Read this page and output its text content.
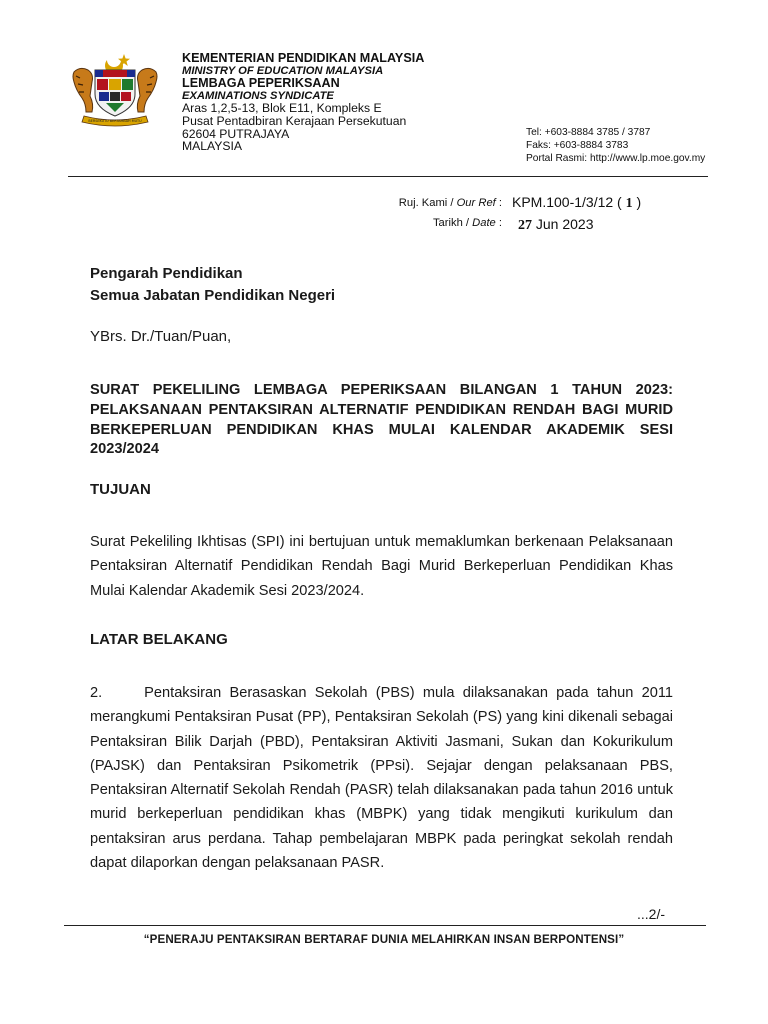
BERSEKUTU BERTAMBAH MUTU
KEMENTERIAN PENDIDIKAN MALAYSIA
MINISTRY OF EDUCATION MALAYSIA
LEMBAGA PEPERIKSAAN
EXAMINATIONS SYNDICATE
Aras 1,2,5-13, Blok E11, Kompleks E
Pusat Pentadbiran Kerajaan Persekutuan
62604 PUTRAJAYA
MALAYSIA
Tel: +603-8884 3785 / 3787
Faks: +603-8884 3783
Portal Rasmi: http://www.lp.moe.gov.my
Ruj. Kami / Our Ref : KPM.100-1/3/12 ( 1 )
Tarikh / Date : 27 Jun 2023
Pengarah Pendidikan
Semua Jabatan Pendidikan Negeri
YBrs. Dr./Tuan/Puan,
SURAT PEKELILING LEMBAGA PEPERIKSAAN BILANGAN 1 TAHUN 2023: PELAKSANAAN PENTAKSIRAN ALTERNATIF PENDIDIKAN RENDAH BAGI MURID BERKEPERLUAN PENDIDIKAN KHAS MULAI KALENDAR AKADEMIK SESI 2023/2024
TUJUAN
Surat Pekeliling Ikhtisas (SPI) ini bertujuan untuk memaklumkan berkenaan Pelaksanaan Pentaksiran Alternatif Pendidikan Rendah Bagi Murid Berkeperluan Pendidikan Khas Mulai Kalendar Akademik Sesi 2023/2024.
LATAR BELAKANG
2.	Pentaksiran Berasaskan Sekolah (PBS) mula dilaksanakan pada tahun 2011 merangkumi Pentaksiran Pusat (PP), Pentaksiran Sekolah (PS) yang kini dikenali sebagai Pentaksiran Bilik Darjah (PBD), Pentaksiran Aktiviti Jasmani, Sukan dan Kokurikulum (PAJSK) dan Pentaksiran Psikometrik (PPsi). Sejajar dengan pelaksanaan PBS, Pentaksiran Alternatif Sekolah Rendah (PASR) telah dilaksanakan pada tahun 2016 untuk murid berkeperluan pendidikan khas (MBPK) yang tidak mengikuti kurikulum dan pentaksiran arus perdana. Tahap pembelajaran MBPK pada peringkat sekolah rendah dapat dilaporkan dengan pelaksanaan PASR.
...2/-
“PENERAJU PENTAKSIRAN BERTARAF DUNIA MELAHIRKAN INSAN BERPONTENSI”
